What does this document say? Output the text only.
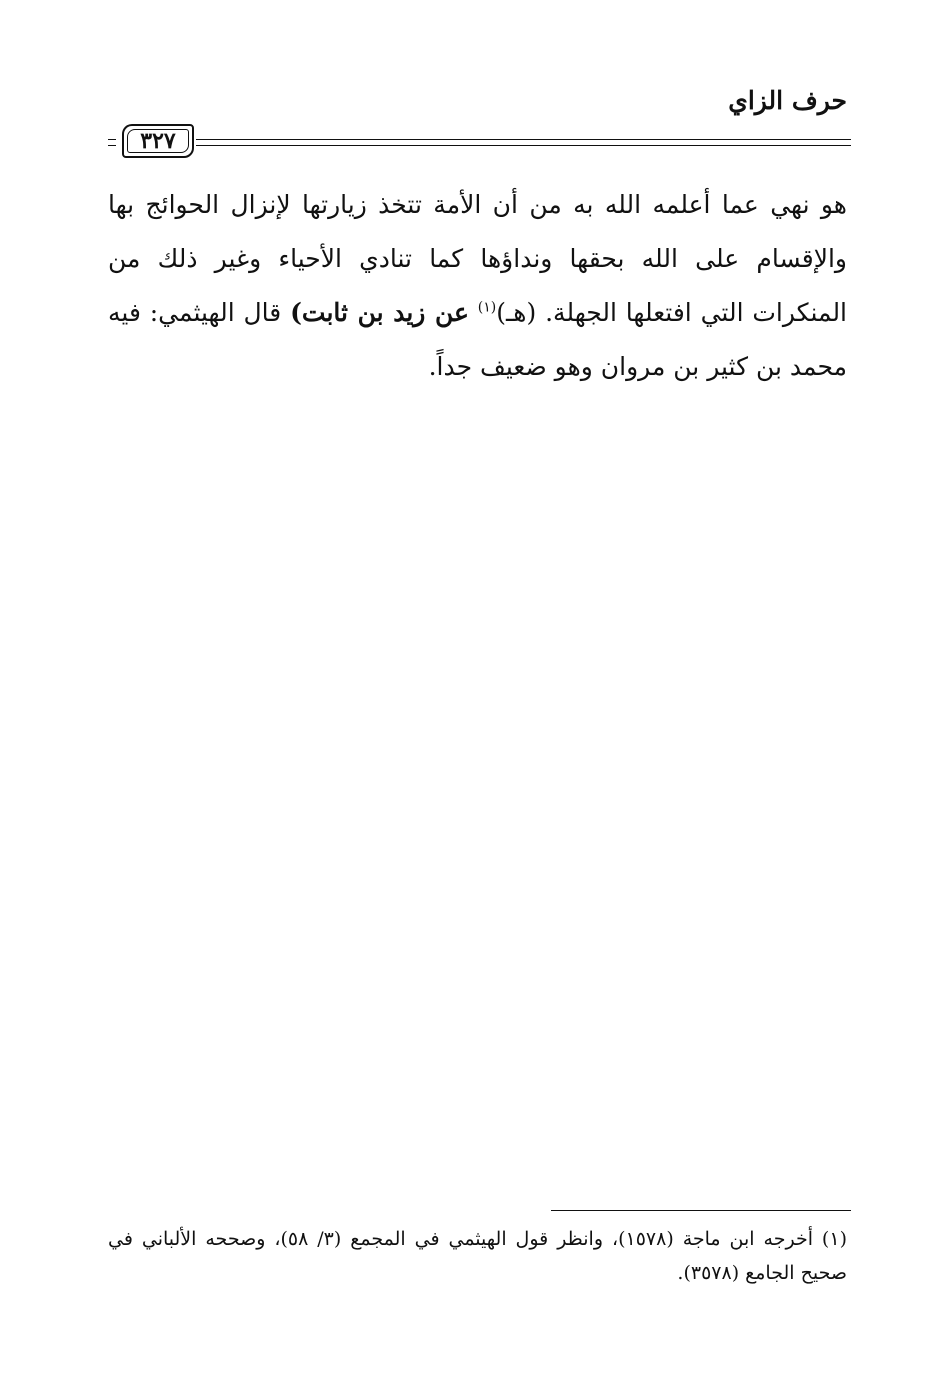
حرف الزاي
٣٢٧

هو نهي عما أعلمه الله به من أن الأمة تتخذ زيارتها لإنزال الحوائج بها والإقسام على الله بحقها ونداؤها كما تنادي الأحياء وغير ذلك من المنكرات التي افتعلها الجهلة. (هـ)$^{(١)}$ عن زيد بن ثابت) قال الهيثمي: فيه محمد بن كثير بن مروان وهو ضعيف جداً.

(١) أخرجه ابن ماجة (١٥٧٨)، وانظر قول الهيثمي في المجمع (٣/ ٥٨)، وصححه الألباني في صحيح الجامع (٣٥٧٨).
